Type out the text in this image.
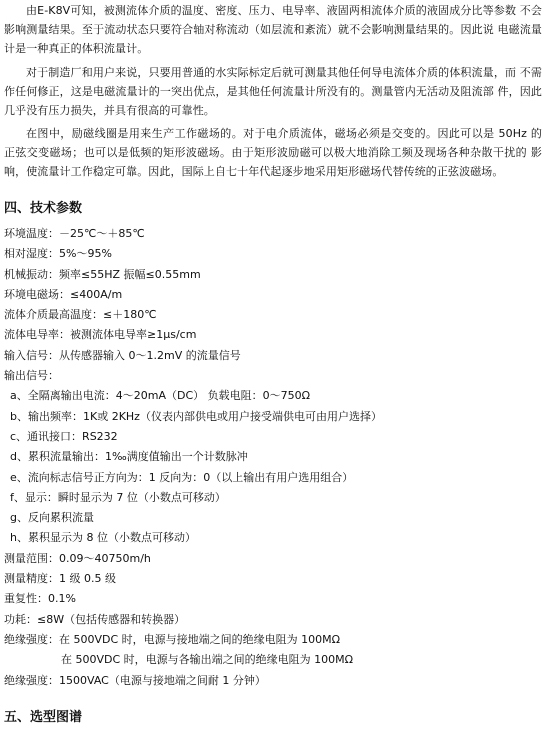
由E-K8V可知，被测流体介质的温度、密度、压力、电导率、液固两相流体介质的液固成分比等参数 不会影响测量结果。至于流动状态只要符合轴对称流动（如层流和紊流）就不会影响测量结果的。因此说 电磁流量计是一种真正的体积流量计。
对于制造厂和用户来说，只要用普通的水实际标定后就可测量其他任何导电流体介质的体积流量，而 不需作任何修正，这是电磁流量计的一突出优点，是其他任何流量计所没有的。测量管内无活动及阻流部 件，因此几乎没有压力损失，并具有很高的可靠性。
在图中，励磁线圈是用来生产工作磁场的。对于电介质流体，磁场必须是交变的。因此可以是 50Hz 的 正弦交变磁场；也可以是低频的矩形波磁场。由于矩形波励磁可以极大地消除工频及现场各种杂散干扰的 影响，使流量计工作稳定可靠。因此，国际上自七十年代起逐步地采用矩形磁场代替传统的正弦波磁场。
四、技术参数
环境温度：－25℃～＋85℃
相对湿度：5%～95%
机械振动：频率≤55HZ 振幅≤0.55mm
环境电磁场：≤400A/m
流体介质最高温度：≤＋180℃
流体电导率：被测流体电导率≥1μs/cm
输入信号：从传感器输入 0～1.2mV 的流量信号
输出信号：
a、全隔离输出电流：4～20mA（DC） 负载电阻：0～750Ω
b、输出频率：1K或 2KHz（仪表内部供电或用户接受端供电可由用户选择）
c、通讯接口：RS232
d、累积流量输出：1‰满度值输出一个计数脉冲
e、流向标志信号正方向为：1 反向为：0（以上输出有用户选用组合）
f、显示：瞬时显示为 7 位（小数点可移动）
g、反向累积流量
h、累积显示为 8 位（小数点可移动）
测量范围：0.09～40750m/h
测量精度：1 级 0.5 级
重复性：0.1%
功耗：≤8W（包括传感器和转换器）
绝缘强度：在 500VDC 时，电源与接地端之间的绝缘电阻为 100MΩ
在 500VDC 时，电源与各输出端之间的绝缘电阻为 100MΩ
绝缘强度：1500VAC（电源与接地端之间耐 1 分钟）
五、选型图谱
